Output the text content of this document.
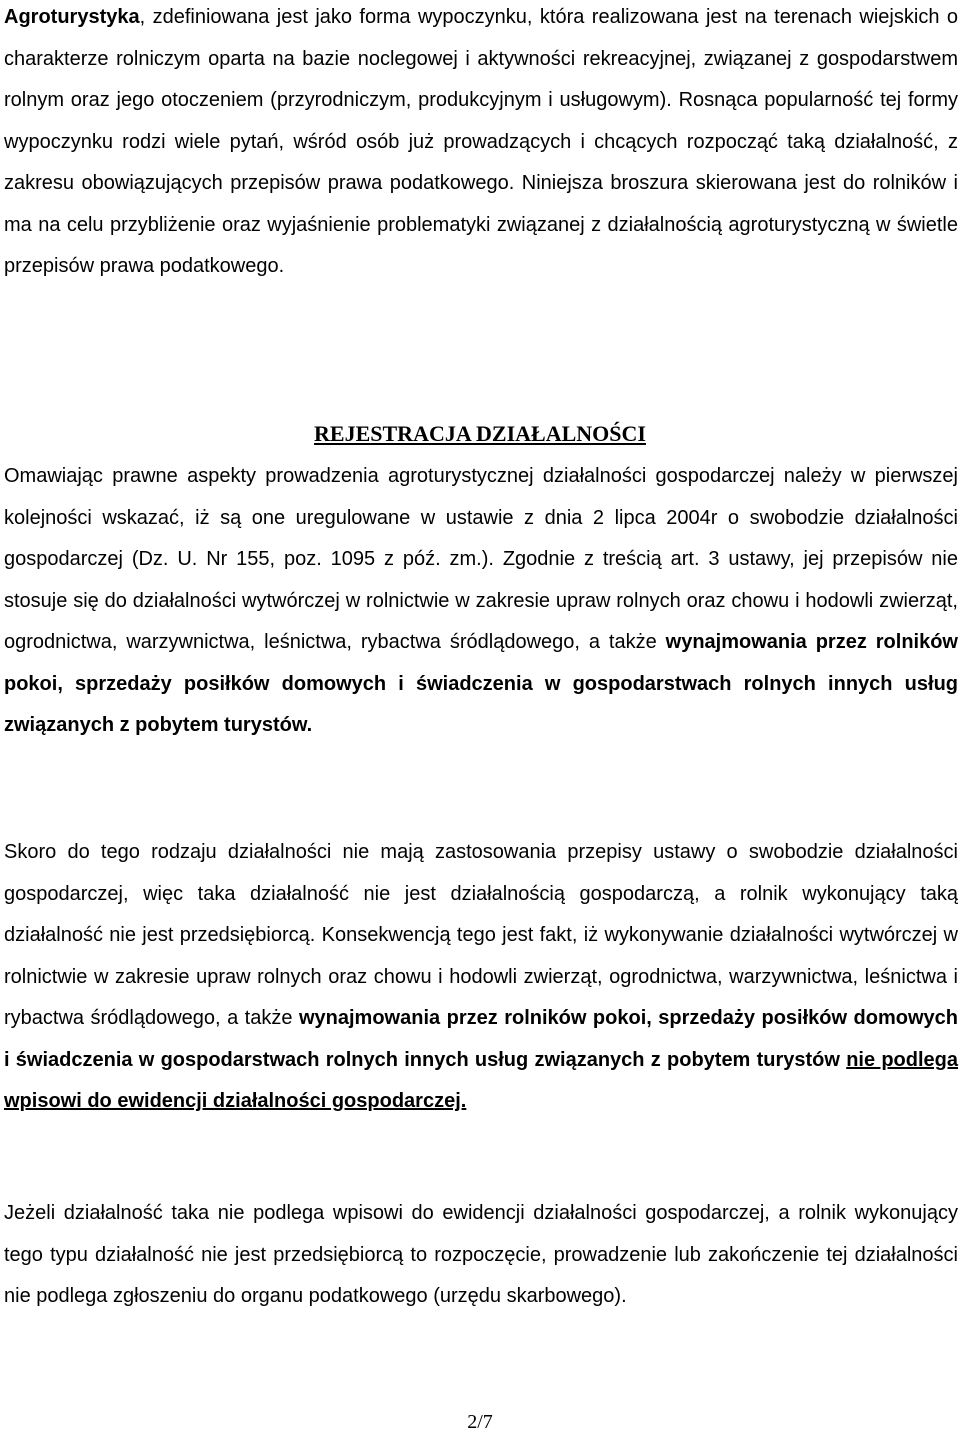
Agroturystyka, zdefiniowana jest jako forma wypoczynku, która realizowana jest na terenach wiejskich o charakterze rolniczym oparta na bazie noclegowej i aktywności rekreacyjnej, związanej z gospodarstwem rolnym oraz jego otoczeniem (przyrodniczym, produkcyjnym i usługowym). Rosnąca popularność tej formy wypoczynku rodzi wiele pytań, wśród osób już prowadzących i chcących rozpocząć taką działalność, z zakresu obowiązujących przepisów prawa podatkowego. Niniejsza broszura skierowana jest do rolników i ma na celu przybliżenie oraz wyjaśnienie problematyki związanej z działalnością agroturystyczną w świetle przepisów prawa podatkowego.

REJESTRACJA DZIAŁALNOŚCI

Omawiając prawne aspekty prowadzenia agroturystycznej działalności gospodarczej należy w pierwszej kolejności wskazać, iż są one uregulowane w ustawie z dnia 2 lipca 2004r o swobodzie działalności gospodarczej (Dz. U. Nr 155, poz. 1095 z póź. zm.). Zgodnie z treścią art. 3 ustawy, jej przepisów nie stosuje się do działalności wytwórczej w rolnictwie w zakresie upraw rolnych oraz chowu i hodowli zwierząt, ogrodnictwa, warzywnictwa, leśnictwa, rybactwa śródlądowego, a także wynajmowania przez rolników pokoi, sprzedaży posiłków domowych i świadczenia w gospodarstwach rolnych innych usług związanych z pobytem turystów.

Skoro do tego rodzaju działalności nie mają zastosowania przepisy ustawy o swobodzie działalności gospodarczej, więc taka działalność nie jest działalnością gospodarczą, a rolnik wykonujący taką działalność nie jest przedsiębiorcą. Konsekwencją tego jest fakt, iż wykonywanie działalności wytwórczej w rolnictwie w zakresie upraw rolnych oraz chowu i hodowli zwierząt, ogrodnictwa, warzywnictwa, leśnictwa i rybactwa śródlądowego, a także wynajmowania przez rolników pokoi, sprzedaży posiłków domowych i świadczenia w gospodarstwach rolnych innych usług związanych z pobytem turystów nie podlega wpisowi do ewidencji działalności gospodarczej.

Jeżeli działalność taka nie podlega wpisowi do ewidencji działalności gospodarczej, a rolnik wykonujący tego typu działalność nie jest przedsiębiorcą to rozpoczęcie, prowadzenie lub zakończenie tej działalności nie podlega zgłoszeniu do organu podatkowego (urzędu skarbowego).

2/7
